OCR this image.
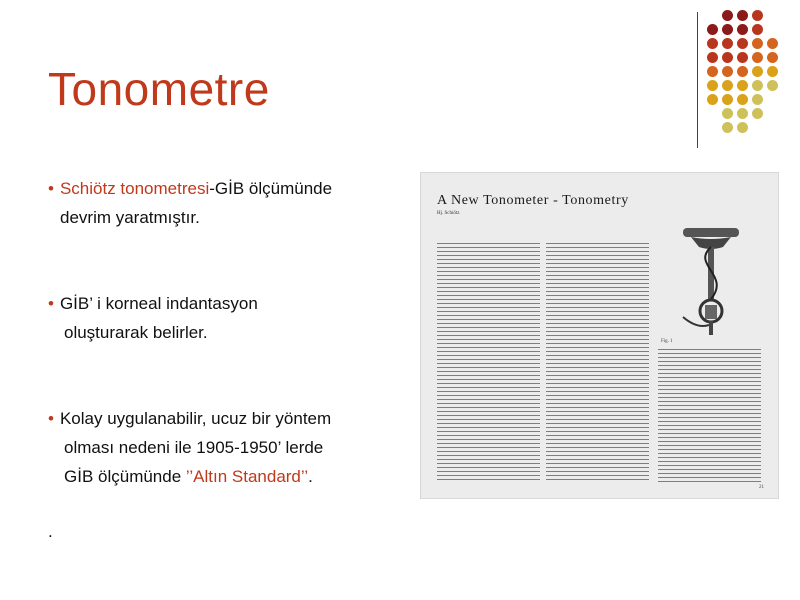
Tonometre
• Schiötz tonometresi-GİB ölçümünde
devrim yaratmıştır.
• GİB’ i korneal indantasyon
oluşturarak belirler.
• Kolay uygulanabilir, ucuz bir yöntem
olması nedeni ile 1905-1950’ lerde
GİB ölçümünde ’’Altın Standard’’.
.
A New Tonometer - Tonometry
Hj. Schiötz
Fig. 1
21
